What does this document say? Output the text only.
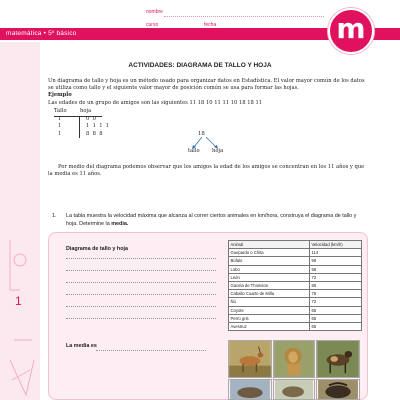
1
nombre
curso	fecha
matemática • 5º básico	m
ACTIVIDADES: DIAGRAMA DE TALLO Y HOJA
Un diagrama de tallo y hoja es un método usado para organizar datos en Estadística. El valor mayor común de los datos se utiliza como tallo y el siguiente valor mayor de posición común se usa para formar las hojas.
Ejemplo
Las edades de un grupo de amigos son las siguientes 11 18 10 11 11 10 18 18 11
Tallo	hoja
1	0  0
1	1  1  1  1
1	8  8  8	18
tallo hoja
Por medio del diagrama podemos observar que los amigos la edad de los amigos se concentran en los 11 años y que la media es 11 años.
1. La tabla muestra la velocidad máxima que alcanza al correr ciertos animales en km/hora, construya el diagrama de tallo y hoja. Determine la media.
Diagrama de tallo y hoja
La media es
Animal	Velocidad (km/h)
Guepardo o Chita	114
Búfalo	58
Lobo	58
León	72
Gacela de Thomson	85
Caballo Cuarto de Milla	76
Ñú	72
Coyote	65
Perro gris	65
Avestruz	65
